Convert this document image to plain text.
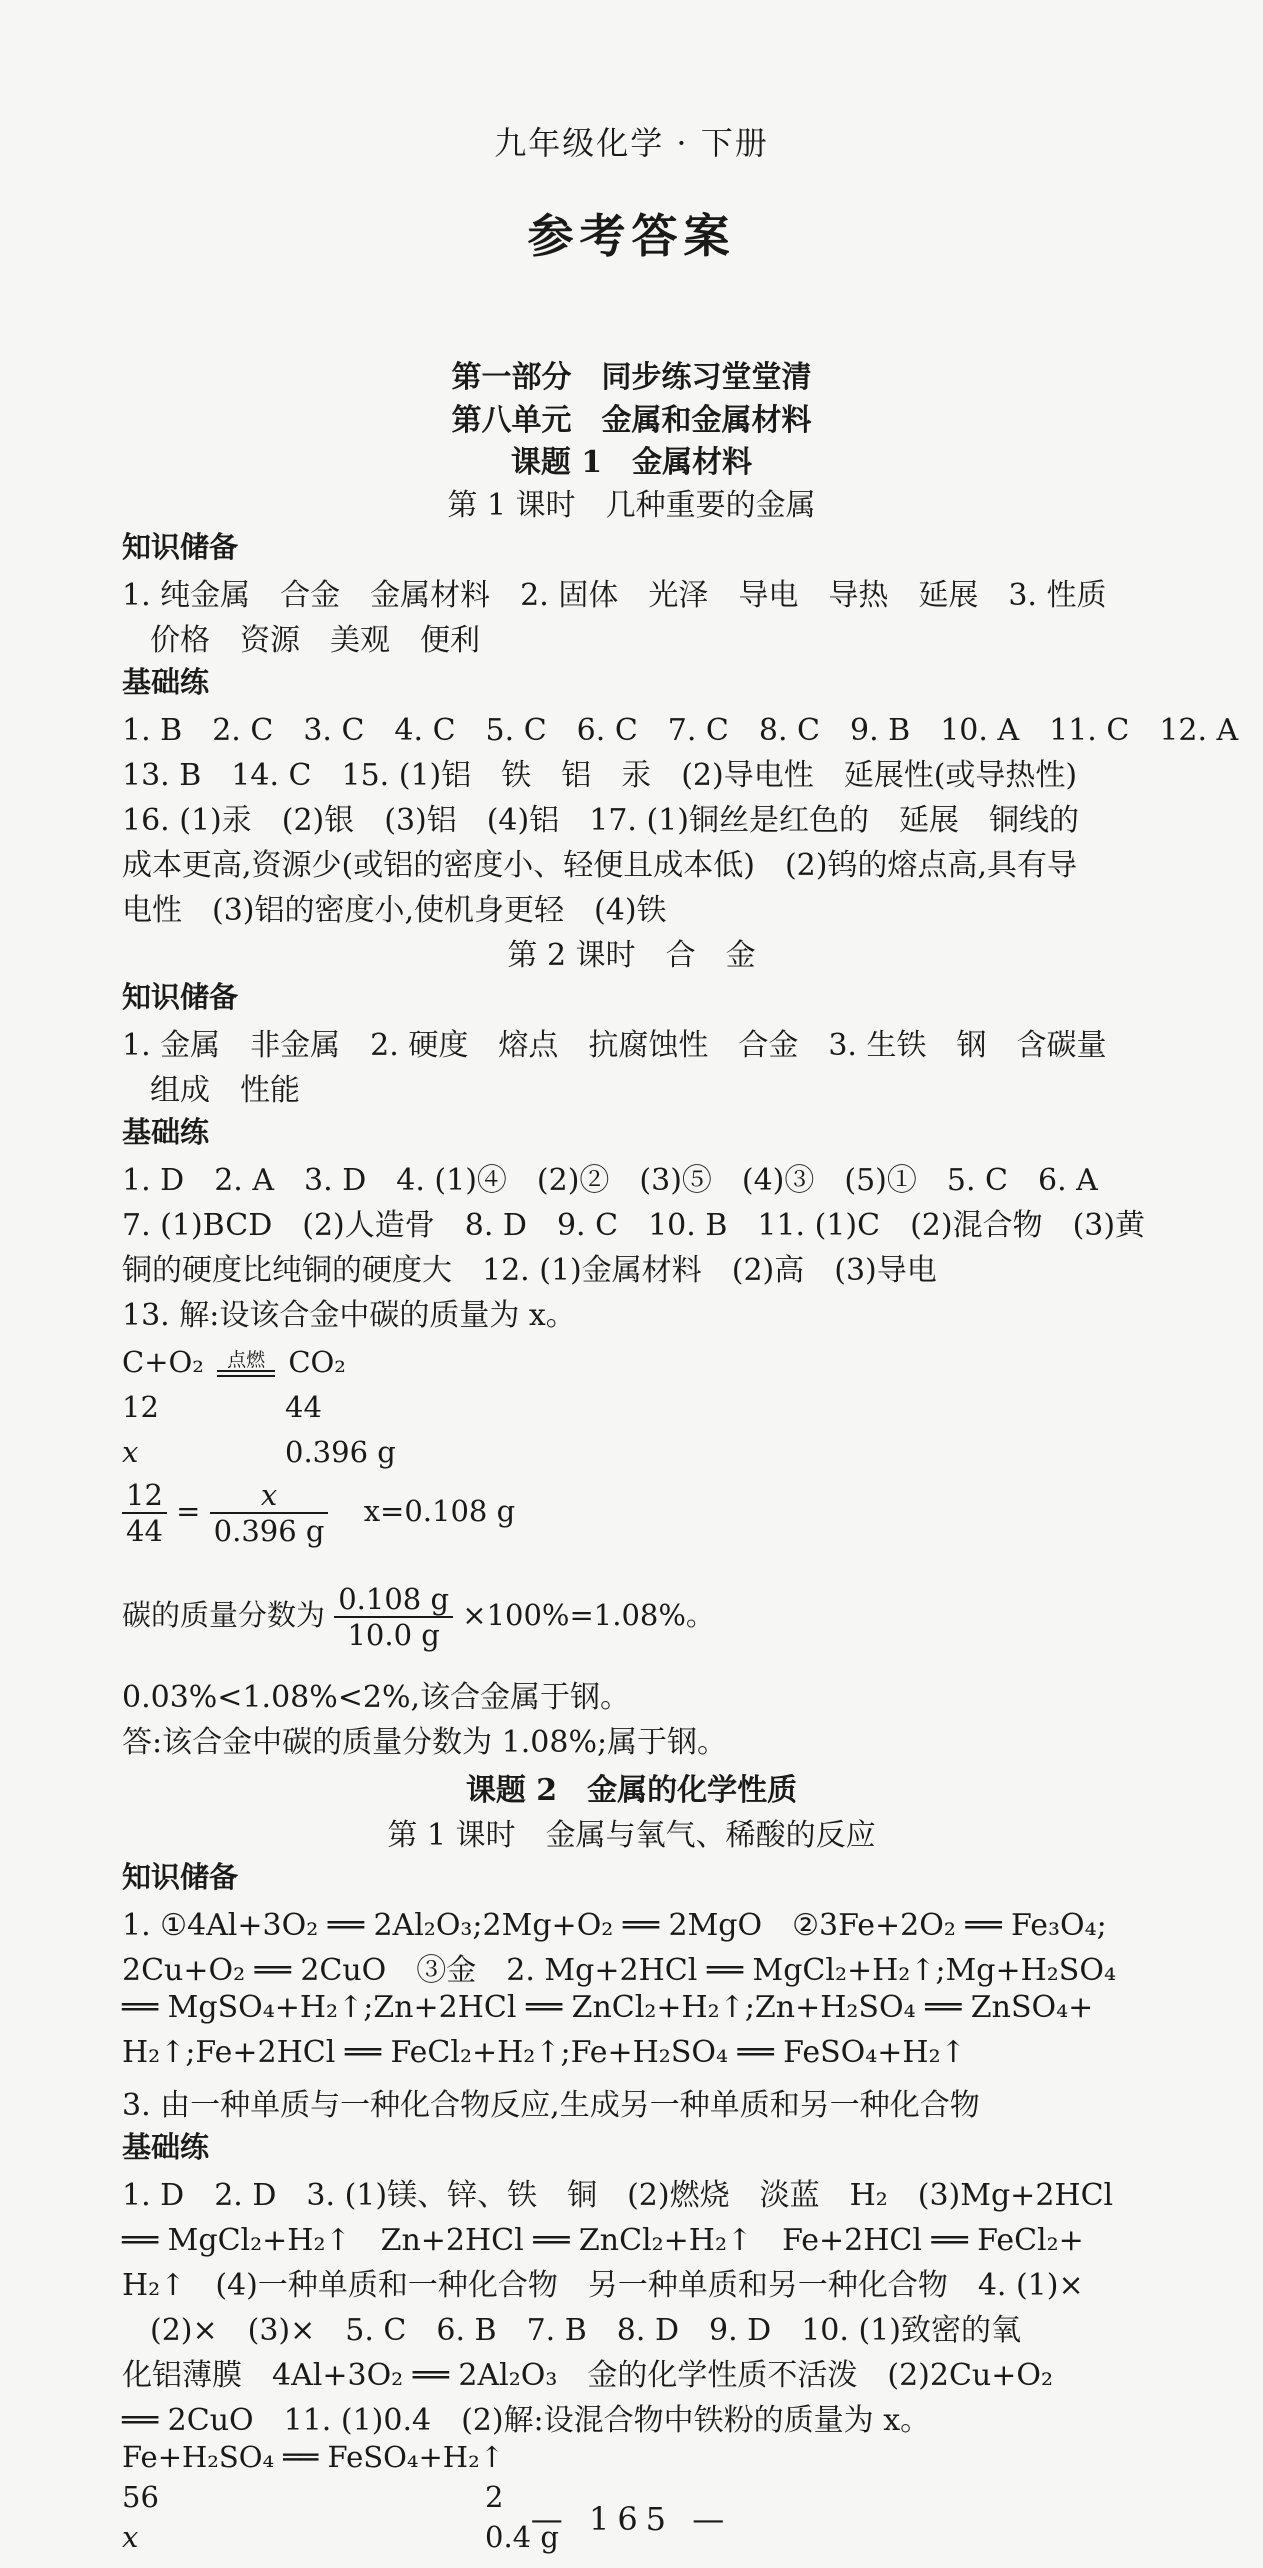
九年级化学 · 下册
参考答案
第一部分　同步练习堂堂清
第八单元　金属和金属材料
课题 1　金属材料
第 1 课时　几种重要的金属
知识储备
1. 纯金属　合金　金属材料　2. 固体　光泽　导电　导热　延展　3. 性质
价格　资源　美观　便利
基础练
1. B　2. C　3. C　4. C　5. C　6. C　7. C　8. C　9. B　10. A　11. C　12. A
13. B　14. C　15. (1)铝　铁　铝　汞　(2)导电性　延展性(或导热性)
16. (1)汞　(2)银　(3)铝　(4)铝　17. (1)铜丝是红色的　延展　铜线的
成本更高,资源少(或铝的密度小、轻便且成本低)　(2)钨的熔点高,具有导
电性　(3)铝的密度小,使机身更轻　(4)铁
第 2 课时　合　金
知识储备
1. 金属　非金属　2. 硬度　熔点　抗腐蚀性　合金　3. 生铁　钢　含碳量
组成　性能
基础练
1. D　2. A　3. D　4. (1)④　(2)②　(3)⑤　(4)③　(5)①　5. C　6. A
7. (1)BCD　(2)人造骨　8. D　9. C　10. B　11. (1)C　(2)混合物　(3)黄
铜的硬度比纯铜的硬度大　12. (1)金属材料　(2)高　(3)导电
13. 解:设该合金中碳的质量为 x。
C+O₂	点燃 CO₂
12	44
x	0.396 g
$\frac{12}{44} = \frac{x}{0.396 g} x=0.108$ g
碳的质量分数为 $\frac{0.108 g}{10.0 g} \times 100\%=1.08\%$。
0.03%<1.08%<2%,该合金属于钢。
答:该合金中碳的质量分数为 1.08%;属于钢。
课题 2　金属的化学性质
第 1 课时　金属与氧气、稀酸的反应
知识储备
1. ①4Al+3O₂ ══ 2Al₂O₃;2Mg+O₂ ══ 2MgO　②3Fe+2O₂ ══ Fe₃O₄;
2Cu+O₂ ══ 2CuO　③金　2. Mg+2HCl ══ MgCl₂+H₂↑;Mg+H₂SO₄
══ MgSO₄+H₂↑;Zn+2HCl ══ ZnCl₂+H₂↑;Zn+H₂SO₄ ══ ZnSO₄+
H₂↑;Fe+2HCl ══ FeCl₂+H₂↑;Fe+H₂SO₄ ══ FeSO₄+H₂↑
3. 由一种单质与一种化合物反应,生成另一种单质和另一种化合物
基础练
1. D　2. D　3. (1)镁、锌、铁　铜　(2)燃烧　淡蓝　H₂　(3)Mg+2HCl
══ MgCl₂+H₂↑　Zn+2HCl ══ ZnCl₂+H₂↑　Fe+2HCl ══ FeCl₂+
H₂↑　(4)一种单质和一种化合物　另一种单质和另一种化合物　4. (1)×
(2)×　(3)×　5. C　6. B　7. B　8. D　9. D　10. (1)致密的氧
化铝薄膜　4Al+3O₂ ══ 2Al₂O₃　金的化学性质不活泼　(2)2Cu+O₂
══ 2CuO　11. (1)0.4　(2)解:设混合物中铁粉的质量为 x。
Fe+H₂SO₄ ══ FeSO₄+H₂↑
56	2
x	0.4 g
— 165 —
